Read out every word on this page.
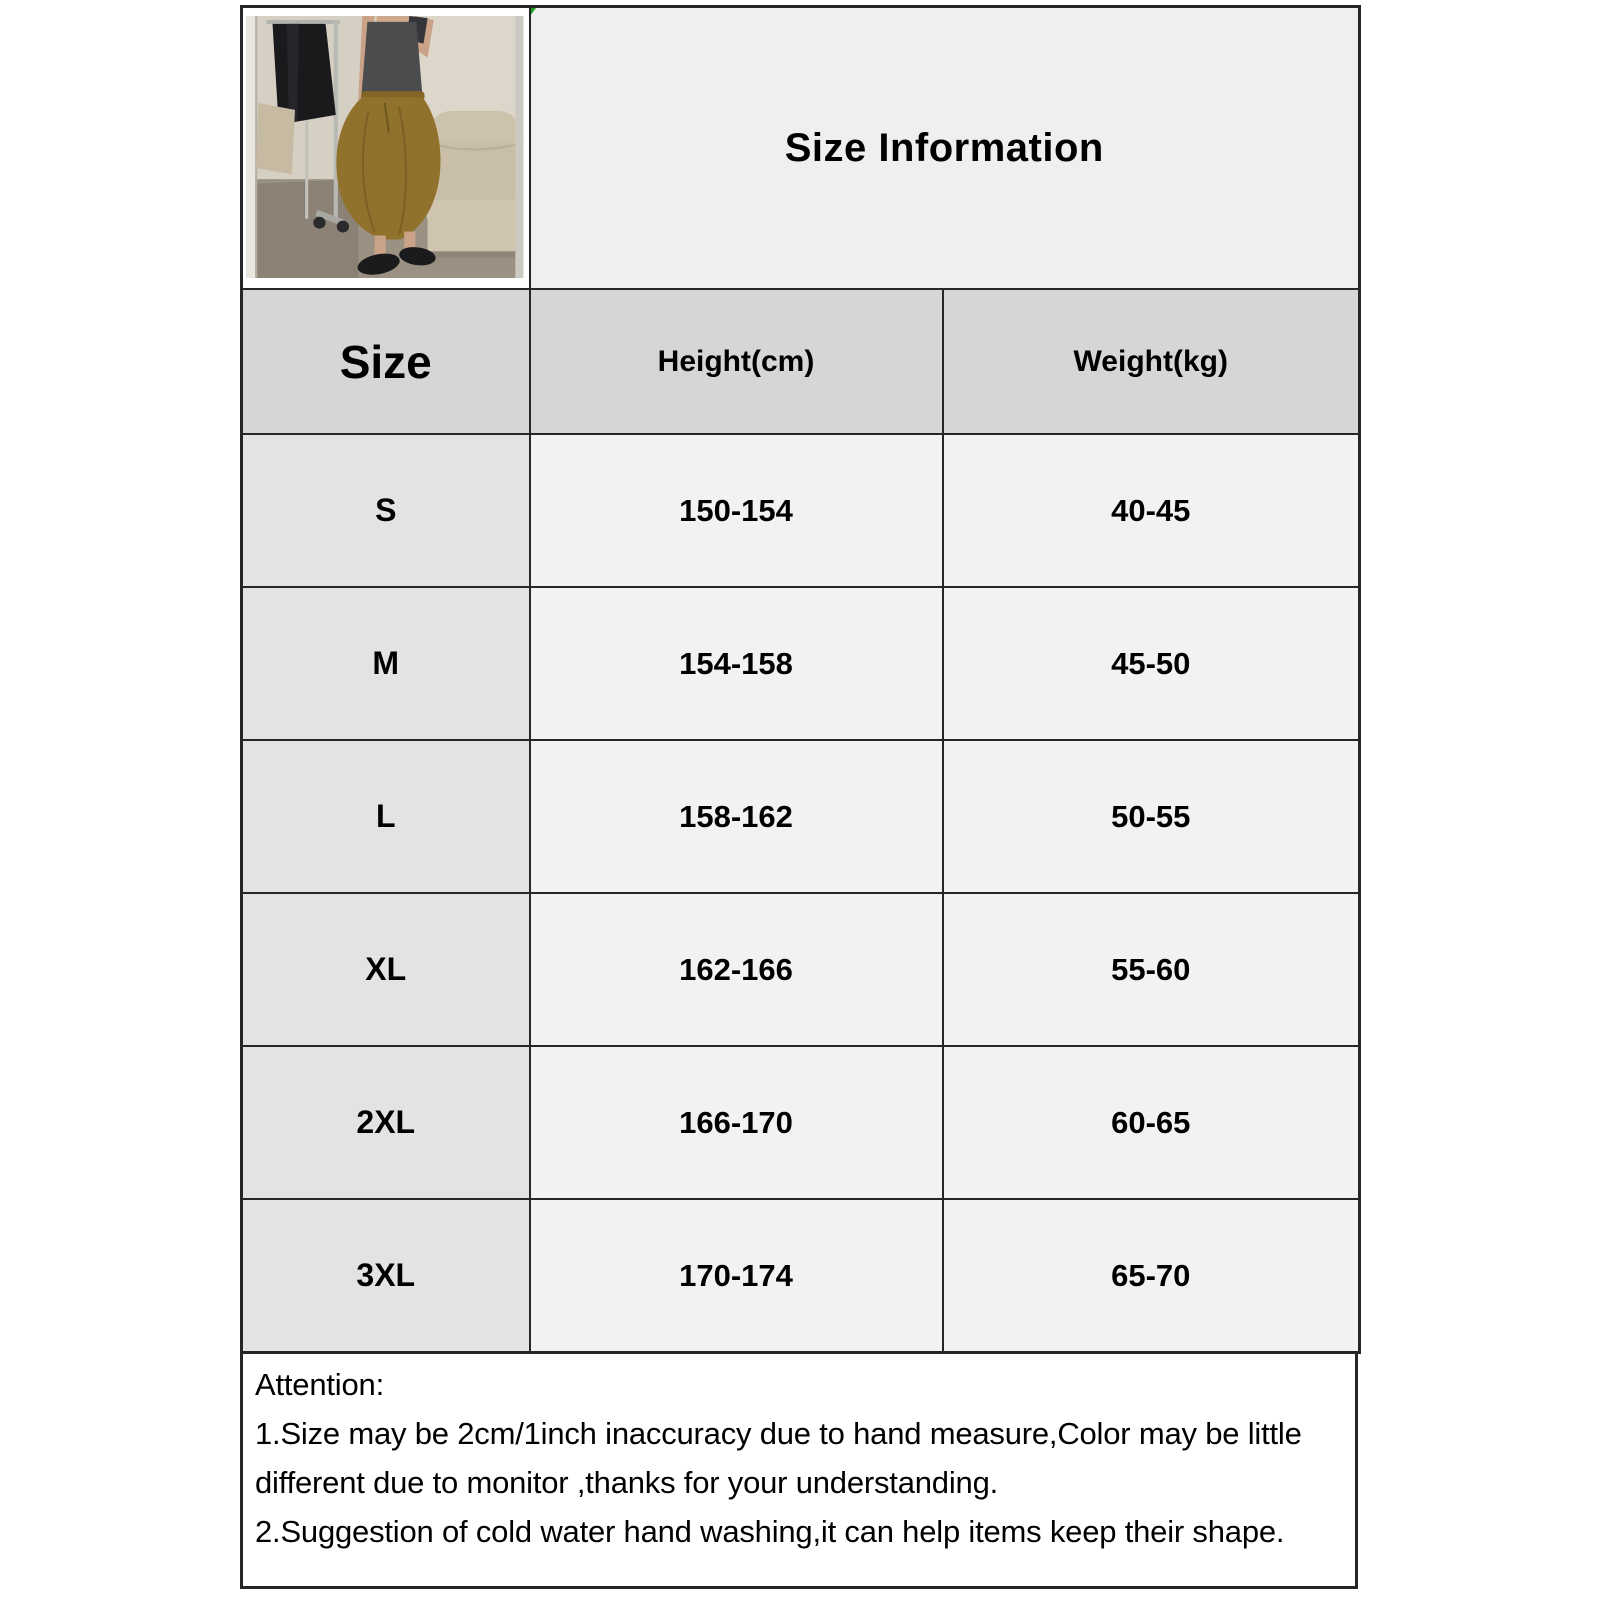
Size Information	
Size	Height(cm)	Weight(kg)
S	150-154	40-45
M	154-158	45-50
L	158-162	50-55
XL	162-166	55-60
2XL	166-170	60-65
3XL	170-174	65-70
Attention:
1.Size may be 2cm/1inch inaccuracy due to hand measure,Color may be little
different due to monitor ,thanks for your understanding.
2.Suggestion of cold water hand washing,it can help items keep their shape.
